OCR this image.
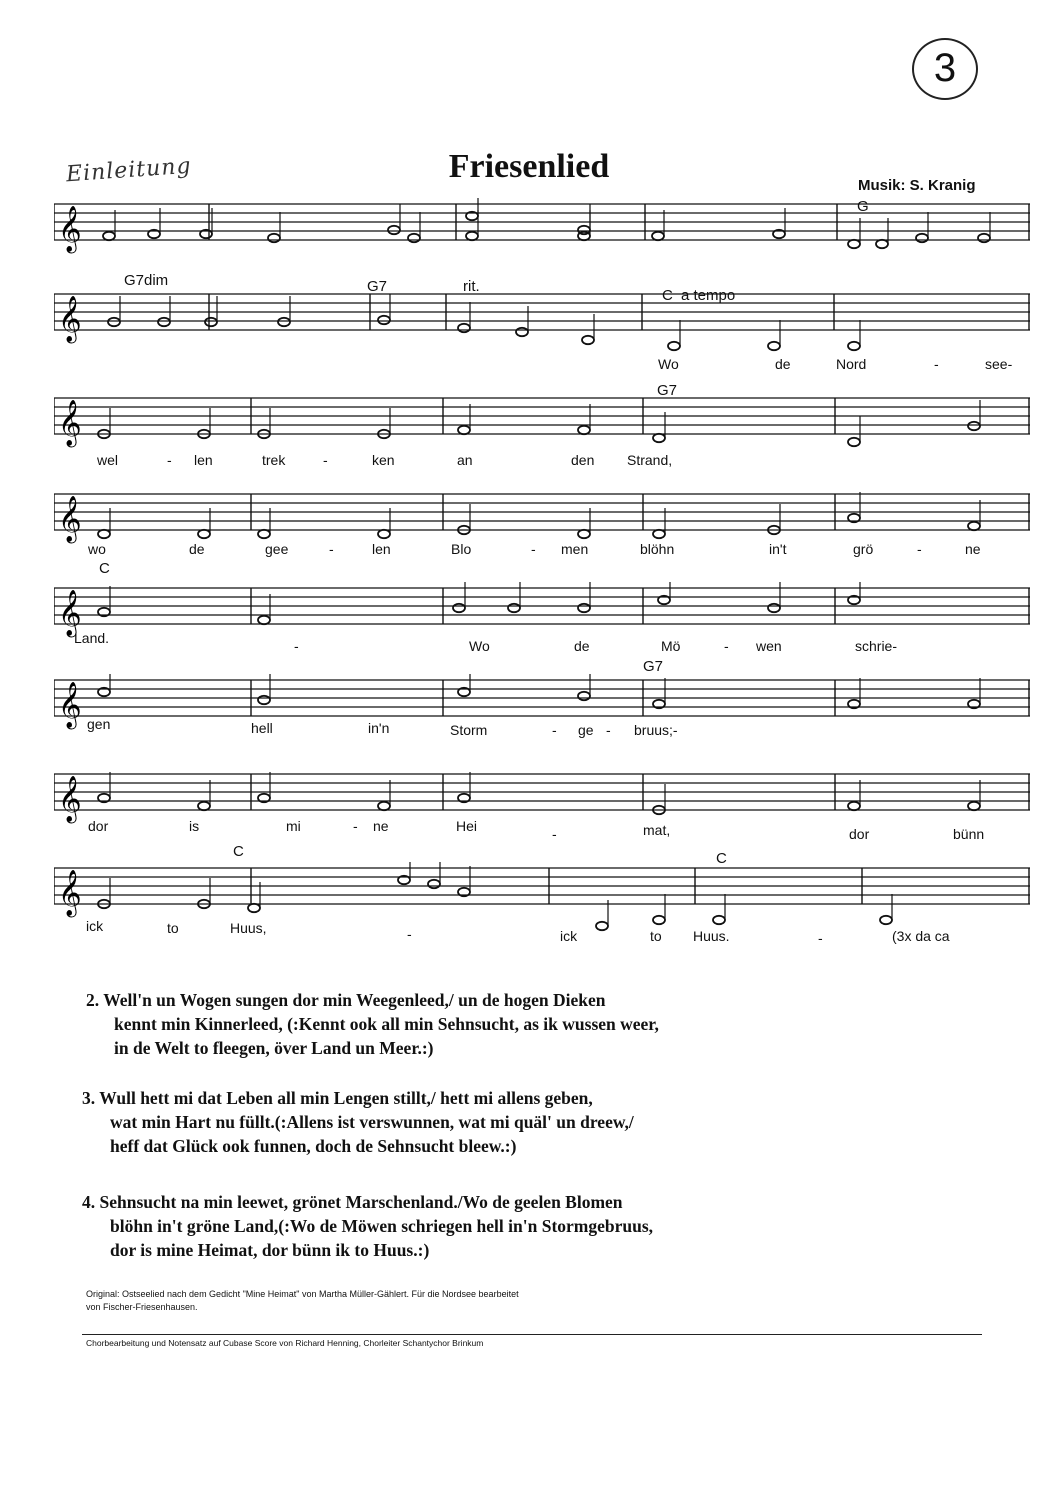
3
Einleitung	Friesenlied
Musik: S. Kranig
𝄞	G
𝄞
G7dim	G7	rit.
C a tempo
Wo	de	Nord	-	see-
𝄞
G7
wel	- len	trek	-	ken	an	den Strand,
𝄞
wo	de	gee	-	len	Blo	- men	blöhn	in't	grö	-	ne
𝄞
C
Land.	-	Wo	de	Mö	- wen	schrie-
𝄞
G7
gen	hell	in'n	Storm	- ge - bruus;-
𝄞
dor	is	mi	- ne	Hei	-	mat,	dor	bünn
𝄞
C	C
ick	to	Huus,	-	ick	to Huus.	-	(3x da ca
2. Well'n un Wogen sungen dor min Weegenleed,/ un de hogen Dieken
kennt min Kinnerleed, (:Kennt ook all min Sehnsucht, as ik wussen weer,
in de Welt to fleegen, över Land un Meer.:)
3. Wull hett mi dat Leben all min Lengen stillt,/ hett mi allens geben,
wat min Hart nu füllt.(:Allens ist verswunnen, wat mi quäl' un dreew,/
heff dat Glück ook funnen, doch de Sehnsucht bleew.:)
4. Sehnsucht na min leewet, grönet Marschenland./Wo de geelen Blomen
blöhn in't gröne Land,(:Wo de Möwen schriegen hell in'n Stormgebruus,
dor is mine Heimat, dor bünn ik to Huus.:)
Original: Ostseelied nach dem Gedicht "Mine Heimat" von Martha Müller-Gählert. Für die Nordsee bearbeitet
von Fischer-Friesenhausen.
Chorbearbeitung und Notensatz auf Cubase Score von Richard Henning, Chorleiter Schantychor Brinkum
